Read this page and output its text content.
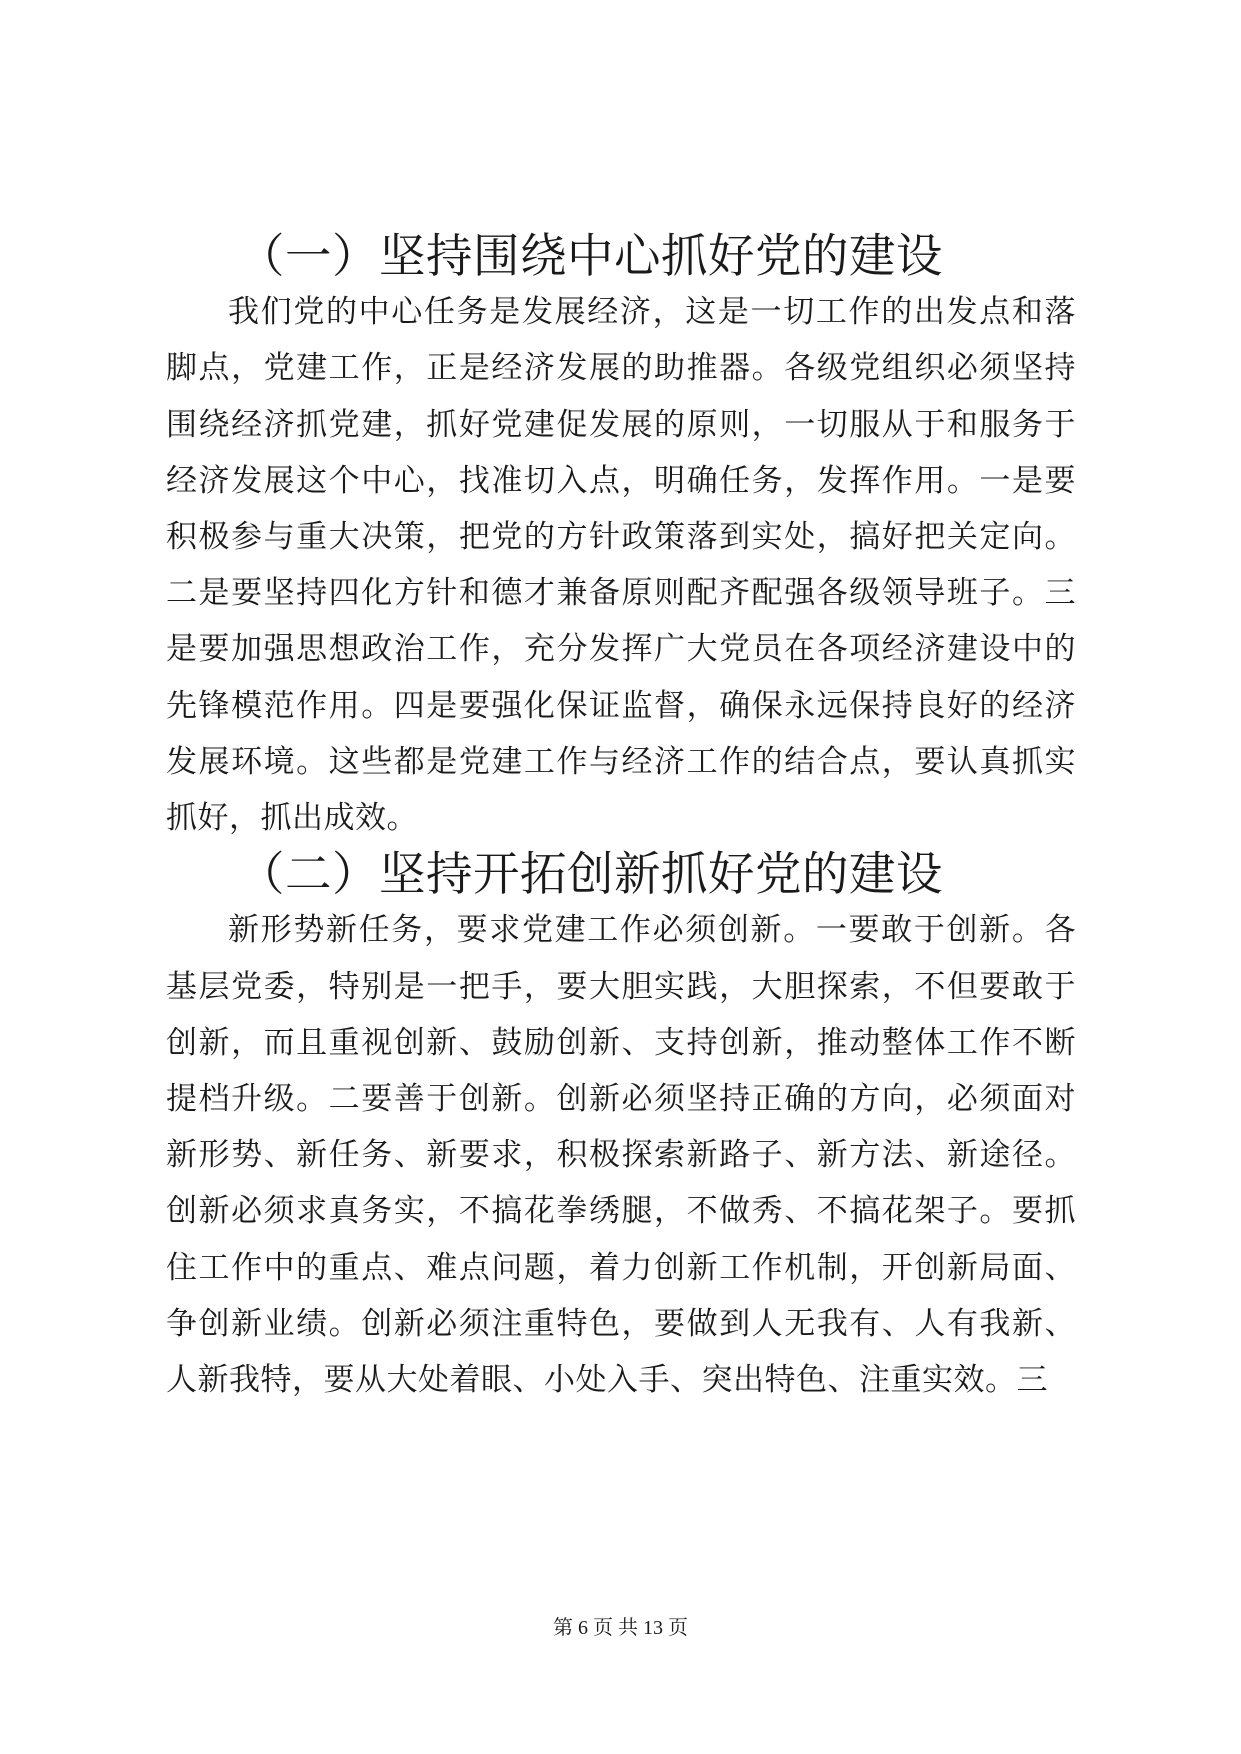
（一）坚持围绕中心抓好党的建设

我们党的中心任务是发展经济，这是一切工作的出发点和落脚点，党建工作，正是经济发展的助推器。各级党组织必须坚持围绕经济抓党建，抓好党建促发展的原则，一切服从于和服务于经济发展这个中心，找准切入点，明确任务，发挥作用。一是要积极参与重大决策，把党的方针政策落到实处，搞好把关定向。二是要坚持四化方针和德才兼备原则配齐配强各级领导班子。三是要加强思想政治工作，充分发挥广大党员在各项经济建设中的先锋模范作用。四是要强化保证监督，确保永远保持良好的经济发展环境。这些都是党建工作与经济工作的结合点，要认真抓实抓好，抓出成效。

（二）坚持开拓创新抓好党的建设

新形势新任务，要求党建工作必须创新。一要敢于创新。各基层党委，特别是一把手，要大胆实践，大胆探索，不但要敢于创新，而且重视创新、鼓励创新、支持创新，推动整体工作不断提档升级。二要善于创新。创新必须坚持正确的方向，必须面对新形势、新任务、新要求，积极探索新路子、新方法、新途径。创新必须求真务实，不搞花拳绣腿，不做秀、不搞花架子。要抓住工作中的重点、难点问题，着力创新工作机制，开创新局面、争创新业绩。创新必须注重特色，要做到人无我有、人有我新、人新我特，要从大处着眼、小处入手、突出特色、注重实效。三

第 6 页 共 13 页
